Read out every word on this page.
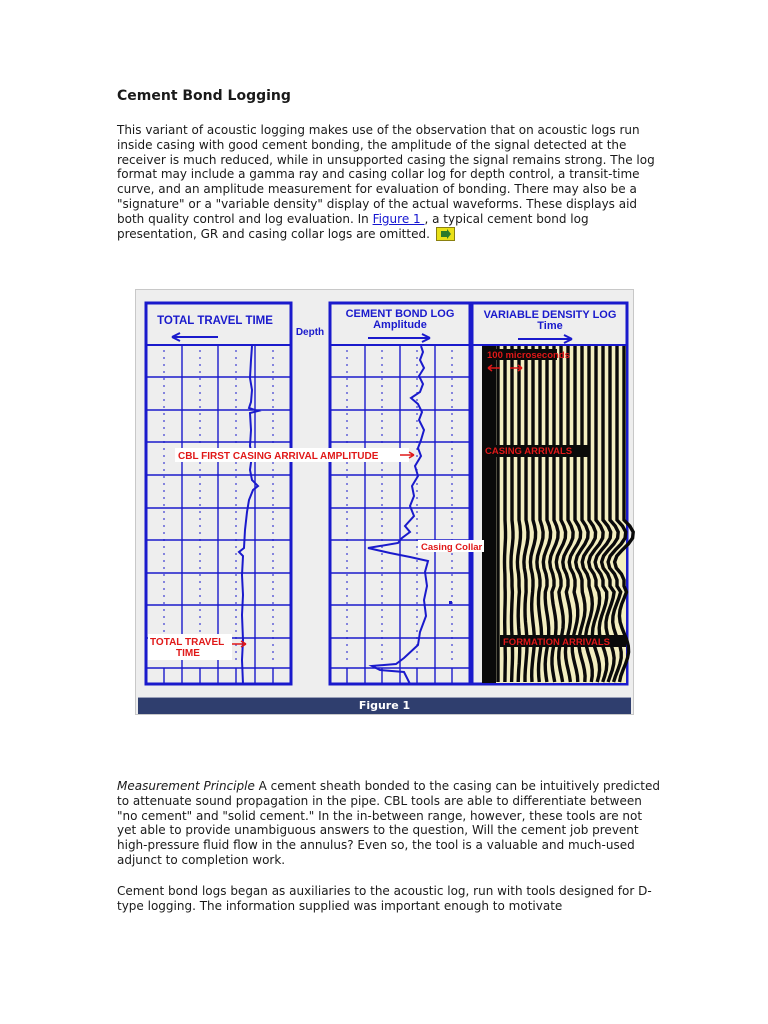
Cement Bond Logging

This variant of acoustic logging makes use of the observation that on acoustic logs run inside casing with good cement bonding, the amplitude of the signal detected at the receiver is much reduced, while in unsupported casing the signal remains strong. The log format may include a gamma ray and casing collar log for depth control, a transit-time curve, and an amplitude measurement for evaluation of bonding. There may also be a "signature" or a "variable density" display of the actual waveforms. These displays aid both quality control and log evaluation. In Figure 1 , a typical cement bond log presentation, GR and casing collar logs are omitted.

TOTAL TRAVEL TIME
Depth
CEMENT BOND LOG
Amplitude
VARIABLE DENSITY LOG
Time
100 microseconds
CBL FIRST CASING ARRIVAL AMPLITUDE	CASING ARRIVALS
Casing Collar
TOTAL TRAVEL
TIME
FORMATION ARRIVALS
Figure 1

Measurement Principle A cement sheath bonded to the casing can be intuitively predicted to attenuate sound propagation in the pipe. CBL tools are able to differentiate between "no cement" and "solid cement." In the in-between range, however, these tools are not yet able to provide unambiguous answers to the question, Will the cement job prevent high-pressure fluid flow in the annulus? Even so, the tool is a valuable and much-used adjunct to completion work.

Cement bond logs began as auxiliaries to the acoustic log, run with tools designed for D-type logging. The information supplied was important enough to motivate
